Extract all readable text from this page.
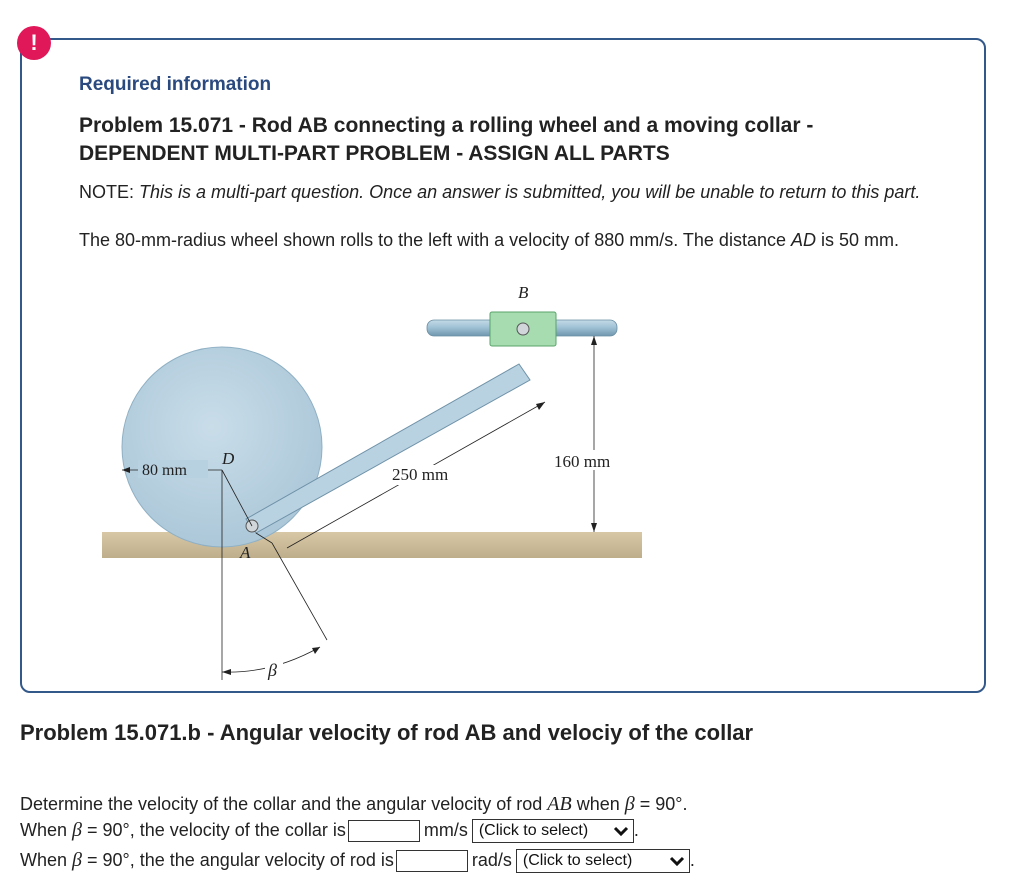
!
Required information
Problem 15.071 - Rod AB connecting a rolling wheel and a moving collar -
DEPENDENT MULTI-PART PROBLEM - ASSIGN ALL PARTS

NOTE: This is a multi-part question. Once an answer is submitted, you will be unable to return to this part.

The 80-mm-radius wheel shown rolls to the left with a velocity of 880 mm/s. The distance AD is 50 mm.

80 mm
D
A
β
250 mm
160 mm
B
Problem 15.071.b - Angular velocity of rod AB and velociy of the collar

Determine the velocity of the collar and the angular velocity of rod AB when β = 90°.

When β = 90°, the velocity of the collar is	mm/s (Click to select)	.

When β = 90°, the the angular velocity of rod is	rad/s (Click to select)	.
